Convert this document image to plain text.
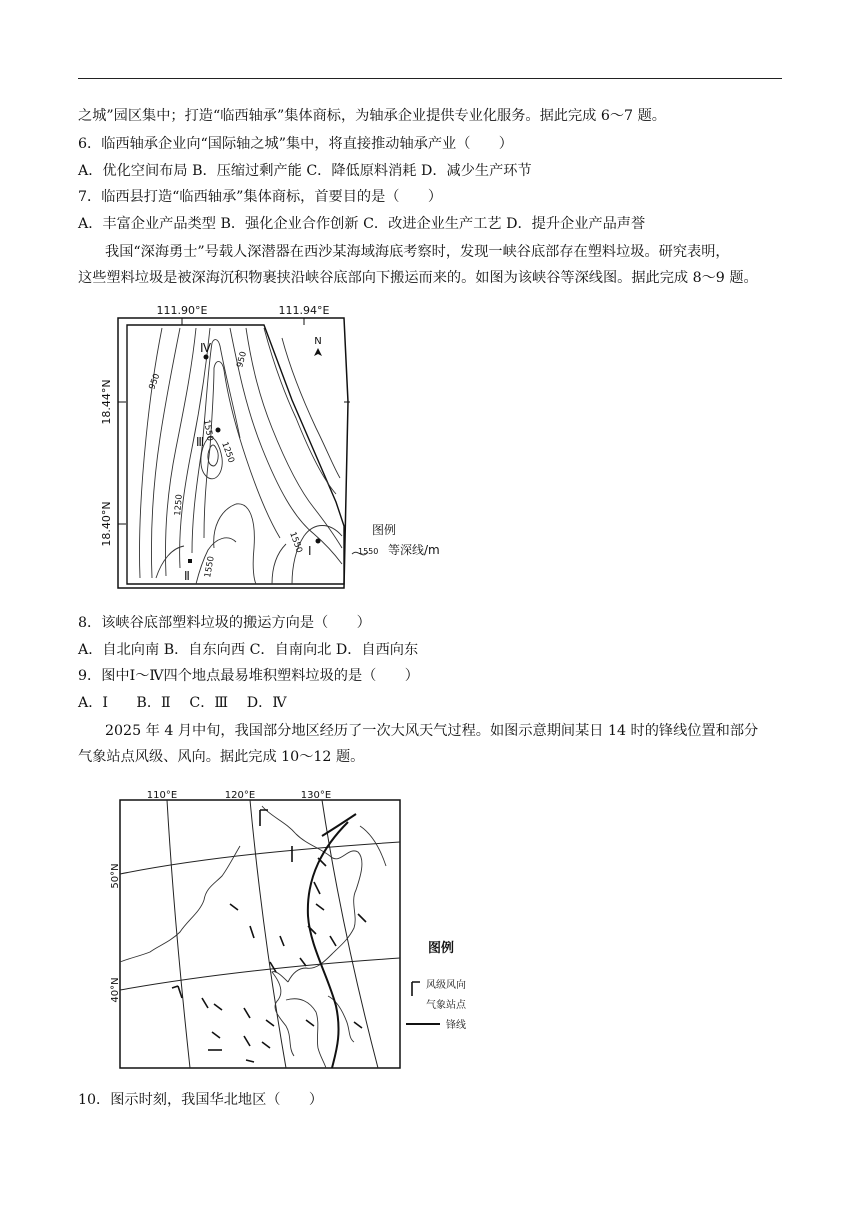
之城”园区集中；打造“临西轴承”集体商标，为轴承企业提供专业化服务。据此完成 6～7 题。
6．临西轴承企业向“国际轴之城”集中，将直接推动轴承产业（　　）
A．优化空间布局 B．压缩过剩产能 C．降低原料消耗 D．减少生产环节
7．临西县打造“临西轴承”集体商标，首要目的是（　　）
A．丰富企业产品类型 B．强化企业合作创新 C．改进企业生产工艺 D．提升企业产品声誉
我国“深海勇士”号载人深潜器在西沙某海域海底考察时，发现一峡谷底部存在塑料垃圾。研究表明，
这些塑料垃圾是被深海沉积物裹挟沿峡谷底部向下搬运而来的。如图为该峡谷等深线图。据此完成 8～9 题。
111.90°E	111.94°E
18.44°N
18.40°N
N
950
950
1550
1250
1550
1550
1250
Ⅰ
Ⅱ
Ⅲ
Ⅳ
图例
1550 等深线/m
8．该峡谷底部塑料垃圾的搬运方向是（　　）
A．自北向南 B．自东向西 C．自南向北 D．自西向东
9．图中Ⅰ～Ⅳ四个地点最易堆积塑料垃圾的是（　　）
A．Ⅰ　　B．Ⅱ　 C．Ⅲ　 D．Ⅳ
2025 年 4 月中旬，我国部分地区经历了一次大风天气过程。如图示意期间某日 14 时的锋线位置和部分
气象站点风级、风向。据此完成 10～12 题。
110°E	120°E	130°E
50°N
40°N
图例
风级风向
气象站点
锋线
10．图示时刻，我国华北地区（　　）
